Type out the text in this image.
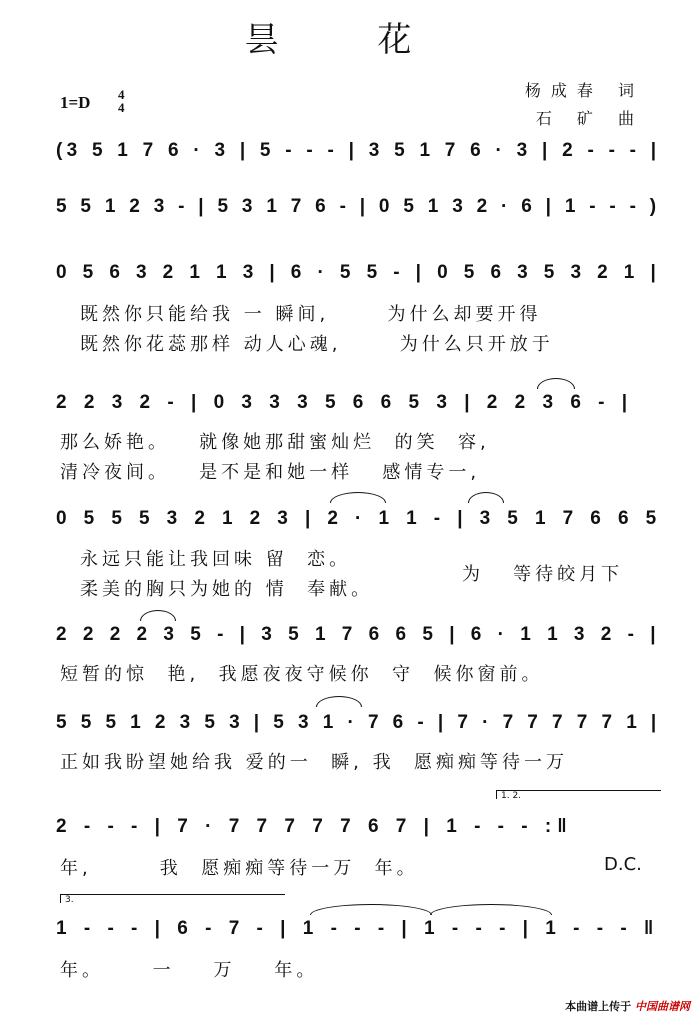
昙 花
杨成春 词
石 矿 曲
1=D 4
4
(3 5 1 7 6 · 3 | 5 - - - | 3 5 1 7 6 · 3 | 2 - - - |
5 5 1 2 3 - | 5 3 1 7 6 - | 0 5 1 3 2 · 6 | 1 - - - )
0 5 6 3 2 1 1 3 | 6 · 5 5 - | 0 5 6 3 5 3 2 1 |
既然你只能给我 一 瞬间,      为什么却要开得
既然你花蕊那样 动人心魂,      为什么只开放于
2 2 3 2 - | 0 3 3 3 5 6 6 5 3 | 2 2 3 6 - |
那么娇艳。   就像她那甜蜜灿烂  的笑  容,
清冷夜间。   是不是和她一样   感情专一,
0 5 5 5 3 2 1 2 3 | 2 · 1 1 - | 3 5 1 7 6 6 5
永远只能让我回味 留  恋。
柔美的胸只为她的 情  奉献。
为   等待皎月下
2 2 2 2 3 5 - | 3 5 1 7 6 6 5 | 6 · 1 1 3 2 - |
短暂的惊  艳,  我愿夜夜守候你  守  候你窗前。
5 5 5 1 2 3 5 3 | 5 3 1 · 7 6 - | 7 · 7 7 7 7 7 1 |
正如我盼望她给我 爱的一  瞬, 我  愿痴痴等待一万
1. 2.
2 - - - | 7 · 7 7 7 7 7 6 7 | 1 - - - :‖
年,       我  愿痴痴等待一万  年。	D.C.
3.
1 - - - | 6 - 7 - | 1 - - - | 1 - - - | 1 - - - ‖
年。     一    万    年。
本曲谱上传于 中国曲谱网
